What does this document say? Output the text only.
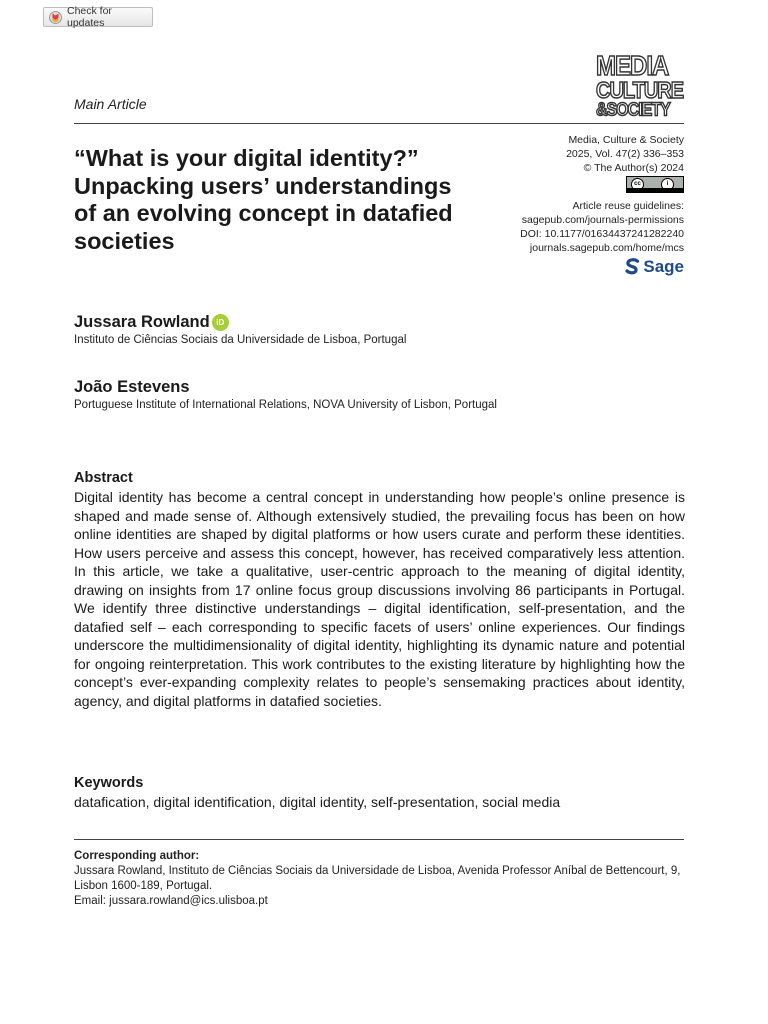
Check for updates
MEDIA
CULTURE
&SOCIETY
Main Article
“What is your digital identity?” Unpacking users’ understandings of an evolving concept in datafied societies
Media, Culture & Society
2025, Vol. 47(2) 336–353
© The Author(s) 2024
cc	i
Article reuse guidelines:
sagepub.com/journals-permissions
DOI: 10.1177/01634437241282240
journals.sagepub.com/home/mcs
Sage
Jussara Rowland iD
Instituto de Ciências Sociais da Universidade de Lisboa, Portugal
João Estevens
Portuguese Institute of International Relations, NOVA University of Lisbon, Portugal
Abstract
Digital identity has become a central concept in understanding how people’s online presence is shaped and made sense of. Although extensively studied, the prevailing focus has been on how online identities are shaped by digital platforms or how users curate and perform these identities. How users perceive and assess this concept, however, has received comparatively less attention. In this article, we take a qualitative, user-centric approach to the meaning of digital identity, drawing on insights from 17 online focus group discussions involving 86 participants in Portugal. We identify three distinctive understandings – digital identification, self-presentation, and the datafied self – each corresponding to specific facets of users’ online experiences. Our findings underscore the multidimensionality of digital identity, highlighting its dynamic nature and potential for ongoing reinterpretation. This work contributes to the existing literature by highlighting how the concept’s ever-expanding complexity relates to people’s sensemaking practices about identity, agency, and digital platforms in datafied societies.
Keywords
datafication, digital identification, digital identity, self-presentation, social media
Corresponding author:
Jussara Rowland, Instituto de Ciências Sociais da Universidade de Lisboa, Avenida Professor Aníbal de Bettencourt, 9, Lisbon 1600-189, Portugal.
Email: jussara.rowland@ics.ulisboa.pt
